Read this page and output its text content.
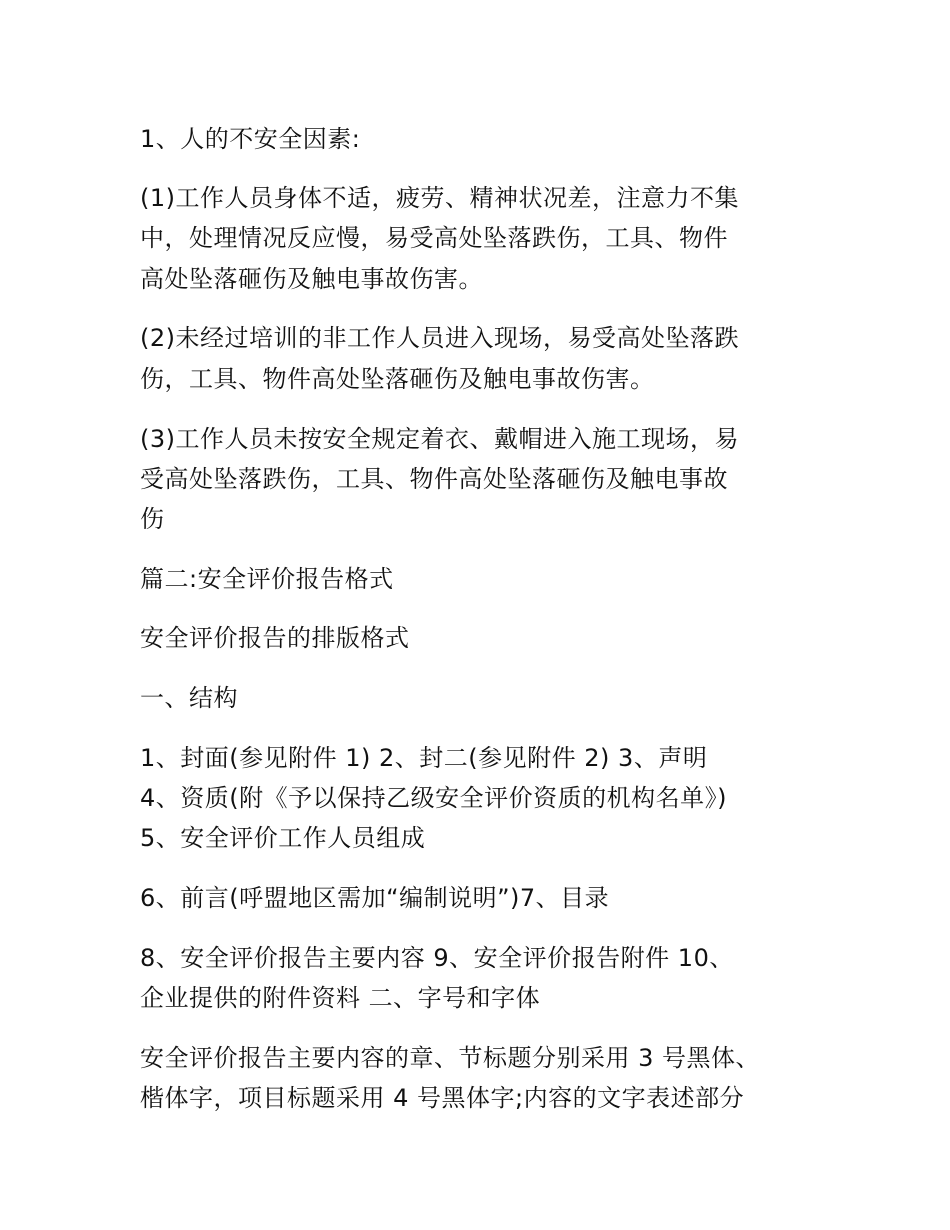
1、人的不安全因素:
(1)工作人员身体不适，疲劳、精神状况差，注意力不集
中，处理情况反应慢，易受高处坠落跌伤，工具、物件
高处坠落砸伤及触电事故伤害。
(2)未经过培训的非工作人员进入现场，易受高处坠落跌
伤，工具、物件高处坠落砸伤及触电事故伤害。
(3)工作人员未按安全规定着衣、戴帽进入施工现场，易
受高处坠落跌伤，工具、物件高处坠落砸伤及触电事故
伤
篇二:安全评价报告格式
安全评价报告的排版格式
一、结构
1、封面(参见附件 1) 2、封二(参见附件 2) 3、声明
4、资质(附《予以保持乙级安全评价资质的机构名单》)
5、安全评价工作人员组成
6、前言(呼盟地区需加“编制说明”)7、目录
8、安全评价报告主要内容 9、安全评价报告附件 10、
企业提供的附件资料 二、字号和字体
安全评价报告主要内容的章、节标题分别采用 3 号黑体、
楷体字，项目标题采用 4 号黑体字;内容的文字表述部分
